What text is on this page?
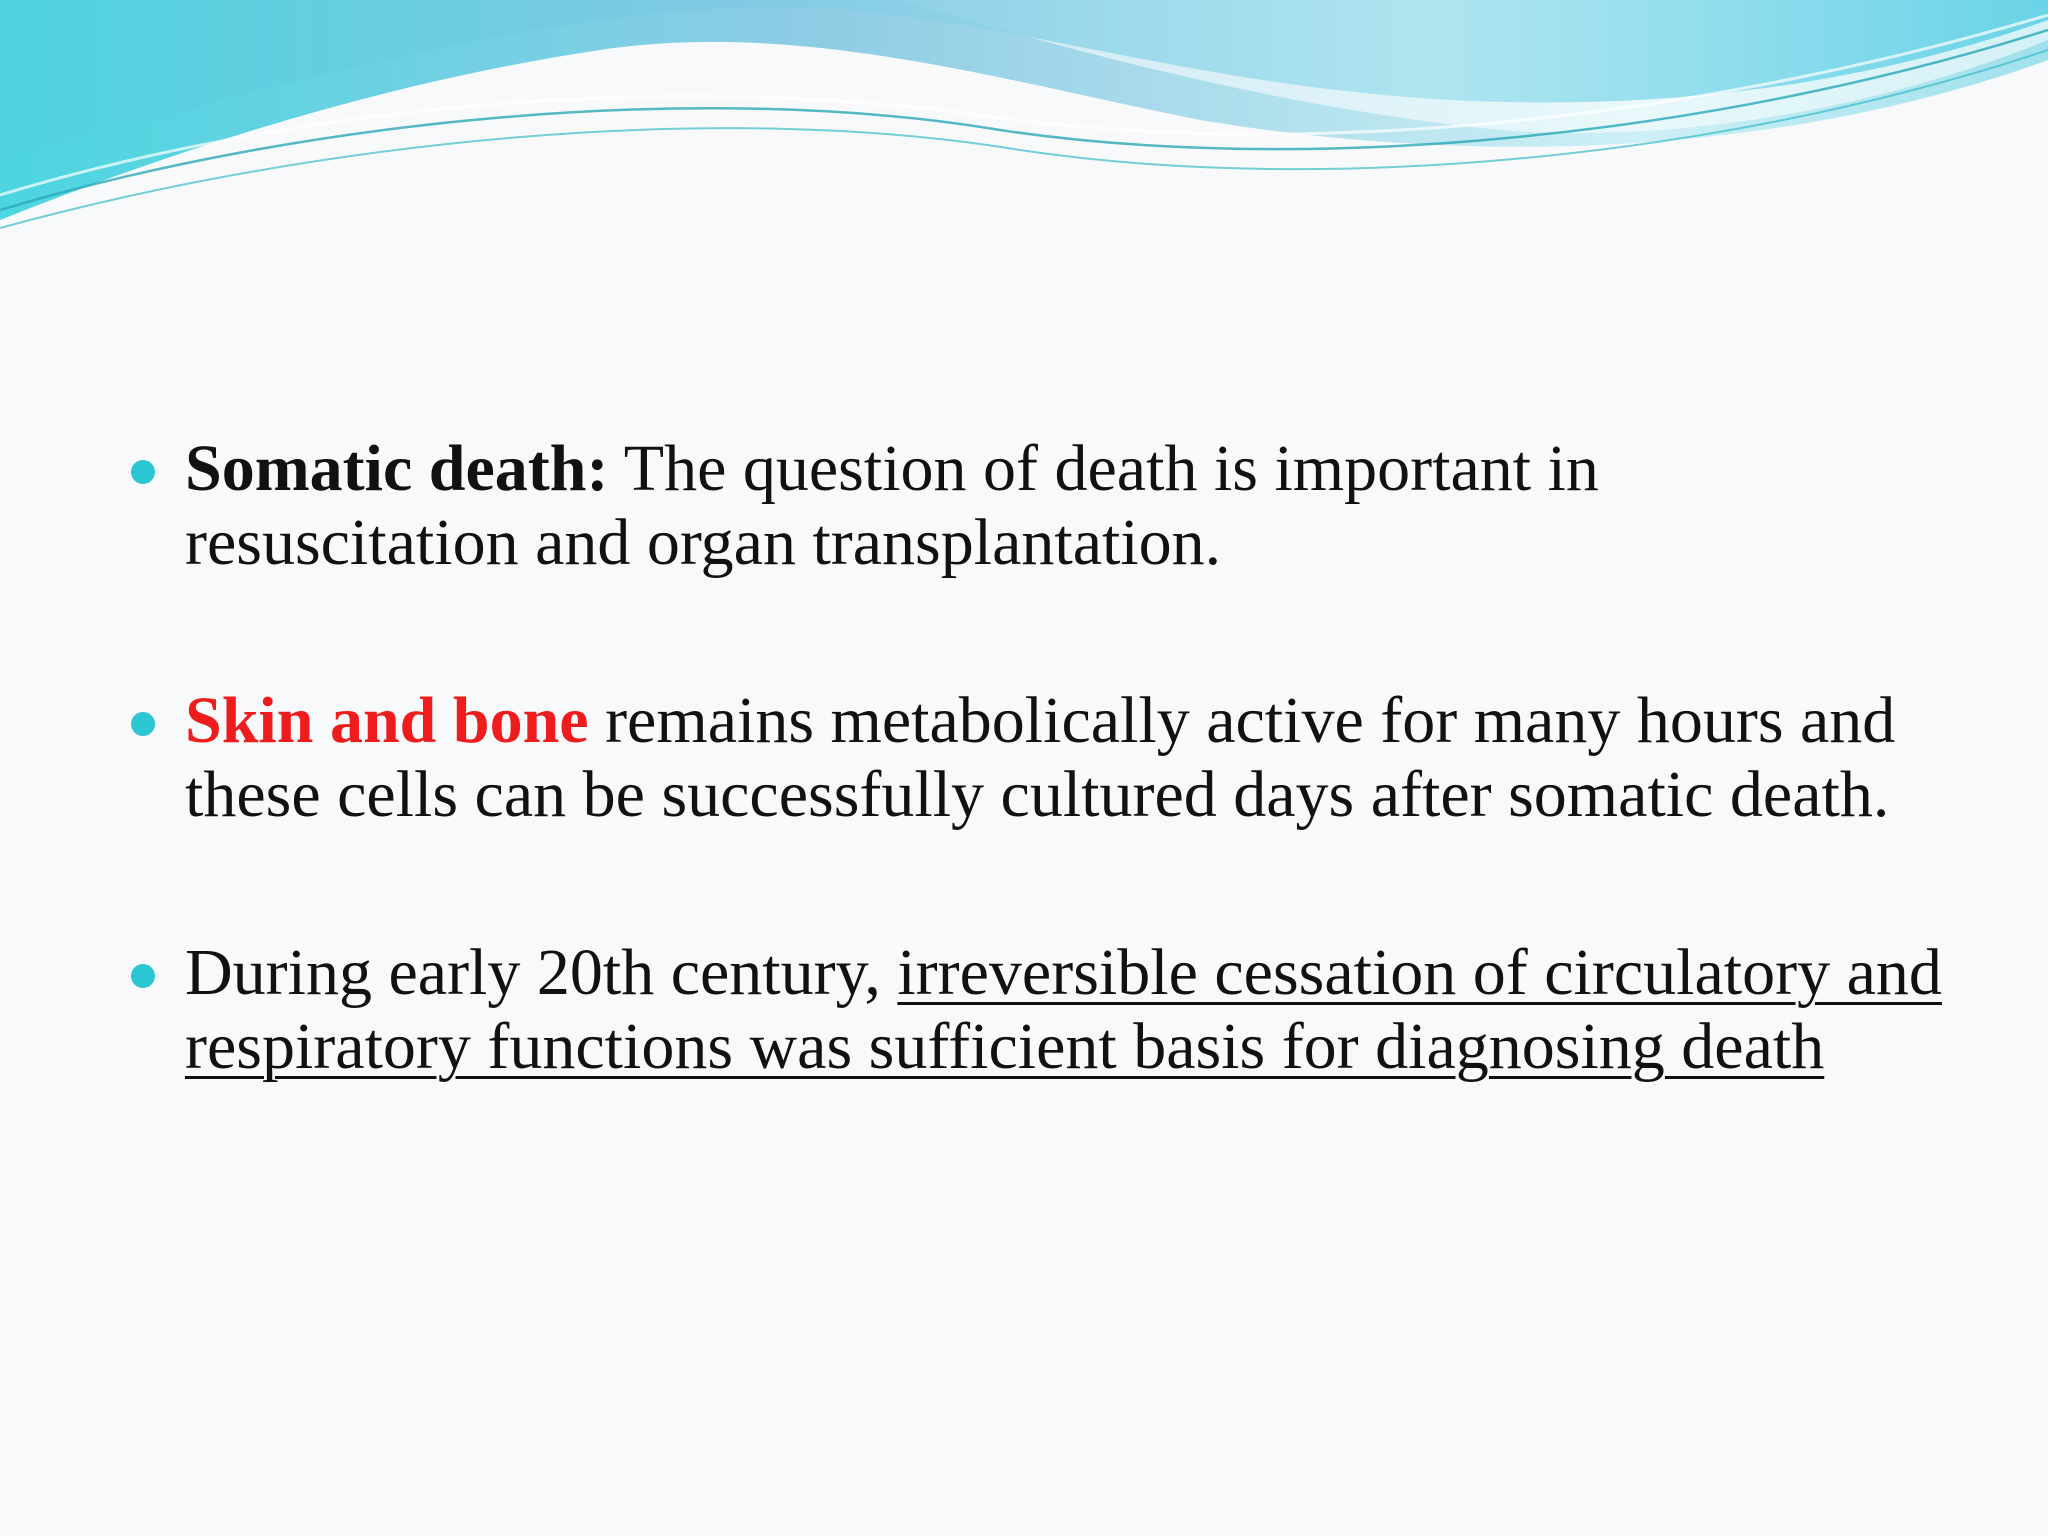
Somatic death: The question of death is important in resuscitation and organ transplantation.
Skin and bone remains metabolically active for many hours and these cells can be successfully cultured days after somatic death.
During early 20th century, irreversible cessation of circulatory and respiratory functions was sufficient basis for diagnosing death
